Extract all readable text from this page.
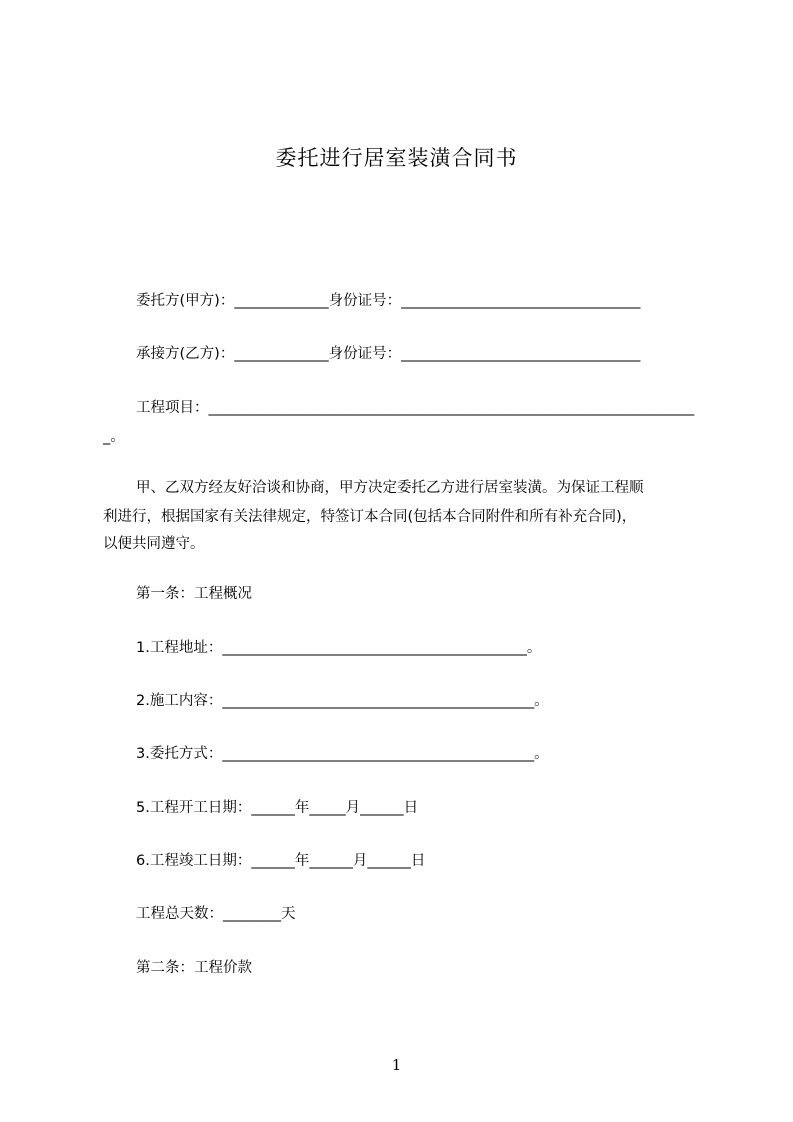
委托进行居室装潢合同书
委托方(甲方)：_____________身份证号：_________________________________
承接方(乙方)：_____________身份证号：_________________________________
工程项目：___________________________________________________________________
_。
甲、乙双方经友好洽谈和协商，甲方决定委托乙方进行居室装潢。为保证工程顺
利进行，根据国家有关法律规定，特签订本合同(包括本合同附件和所有补充合同)，
以便共同遵守。
第一条：工程概况
1.工程地址：__________________________________________。
2.施工内容：___________________________________________。
3.委托方式：___________________________________________。
5.工程开工日期：______年_____月______日
6.工程竣工日期：______年______月______日
工程总天数：________天
第二条：工程价款
1
